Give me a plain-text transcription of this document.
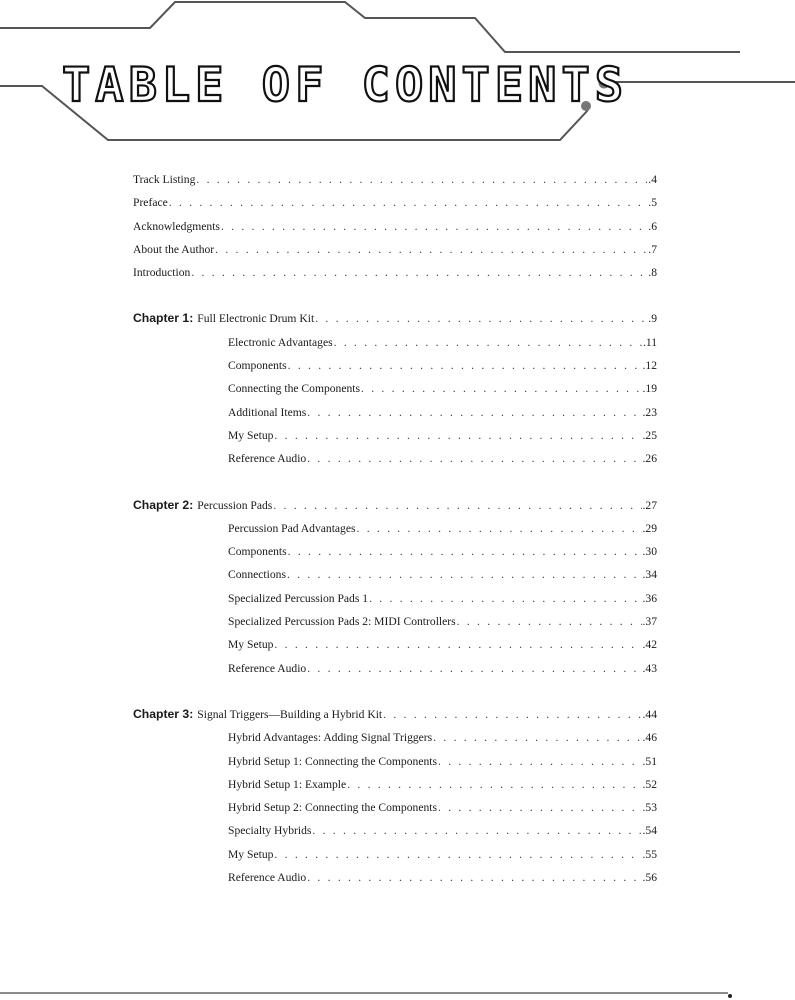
TABLE OF CONTENTS
Track Listing . . .	.4
Preface . . .	.5
Acknowledgments . . .	.6
About the Author . . .	.7
Introduction . . .	.8
Chapter 1: Full Electronic Drum Kit . . .	.9
Electronic Advantages . . .	.11
Components . . .	.12
Connecting the Components . . .	.19
Additional Items . . .	.23
My Setup . . .	.25
Reference Audio . . .	.26
Chapter 2: Percussion Pads . . .	.27
Percussion Pad Advantages . . .	.29
Components . . .	.30
Connections . . .	.34
Specialized Percussion Pads 1 . . .	.36
Specialized Percussion Pads 2: MIDI Controllers . . .	.37
My Setup . . .	.42
Reference Audio . . .	.43
Chapter 3: Signal Triggers—Building a Hybrid Kit . . .	.44
Hybrid Advantages: Adding Signal Triggers . . .	.46
Hybrid Setup 1: Connecting the Components . . .	.51
Hybrid Setup 1: Example . . .	.52
Hybrid Setup 2: Connecting the Components . . .	.53
Specialty Hybrids . . .	.54
My Setup . . .	.55
Reference Audio . . .	.56
